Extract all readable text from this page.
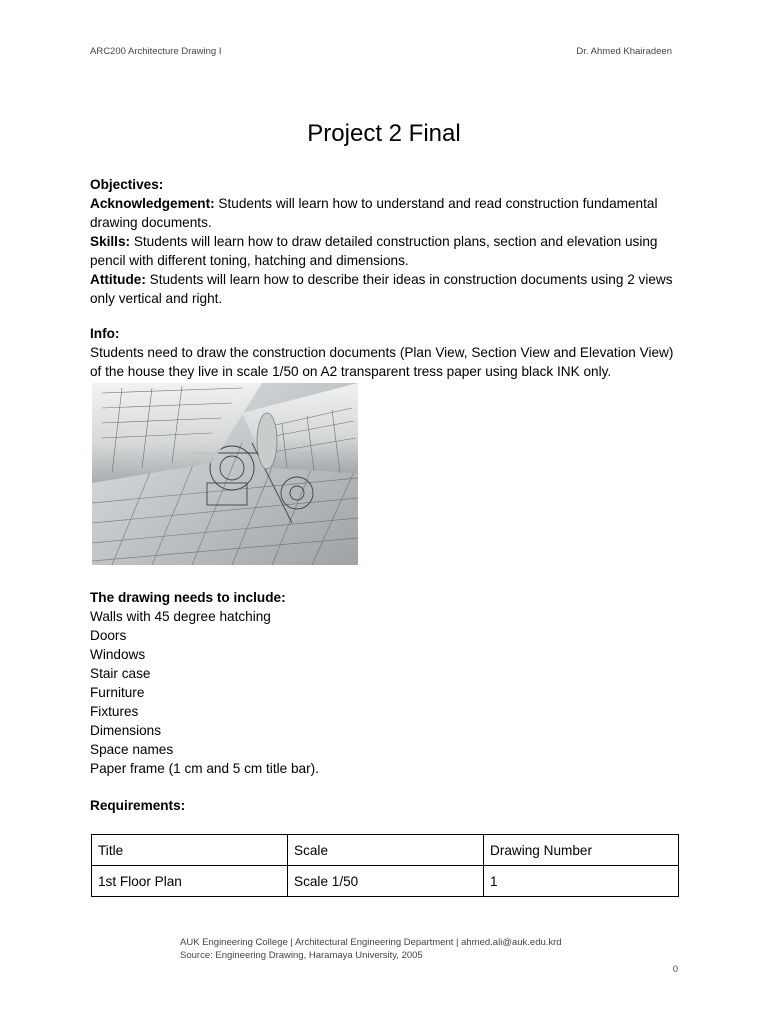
ARC200 Architecture Drawing I	Dr. Ahmed Khairadeen
Project 2 Final
Objectives:
Acknowledgement: Students will learn how to understand and read construction fundamental drawing documents.
Skills: Students will learn how to draw detailed construction plans, section and elevation using pencil with different toning, hatching and dimensions.
Attitude: Students will learn how to describe their ideas in construction documents using 2 views only vertical and right.
Info:
Students need to draw the construction documents (Plan View, Section View and Elevation View) of the house they live in scale 1/50 on A2 transparent tress paper using black INK only.
The drawing needs to include:
Walls with 45 degree hatching
Doors
Windows
Stair case
Furniture
Fixtures
Dimensions
Space names
Paper frame (1 cm and 5 cm title bar).
Requirements:
Title	Scale	Drawing Number
1st Floor Plan	Scale 1/50	1
AUK Engineering College | Architectural Engineering Department | ahmed.ali@auk.edu.krd
Source: Engineering Drawing, Haramaya University, 2005
0
